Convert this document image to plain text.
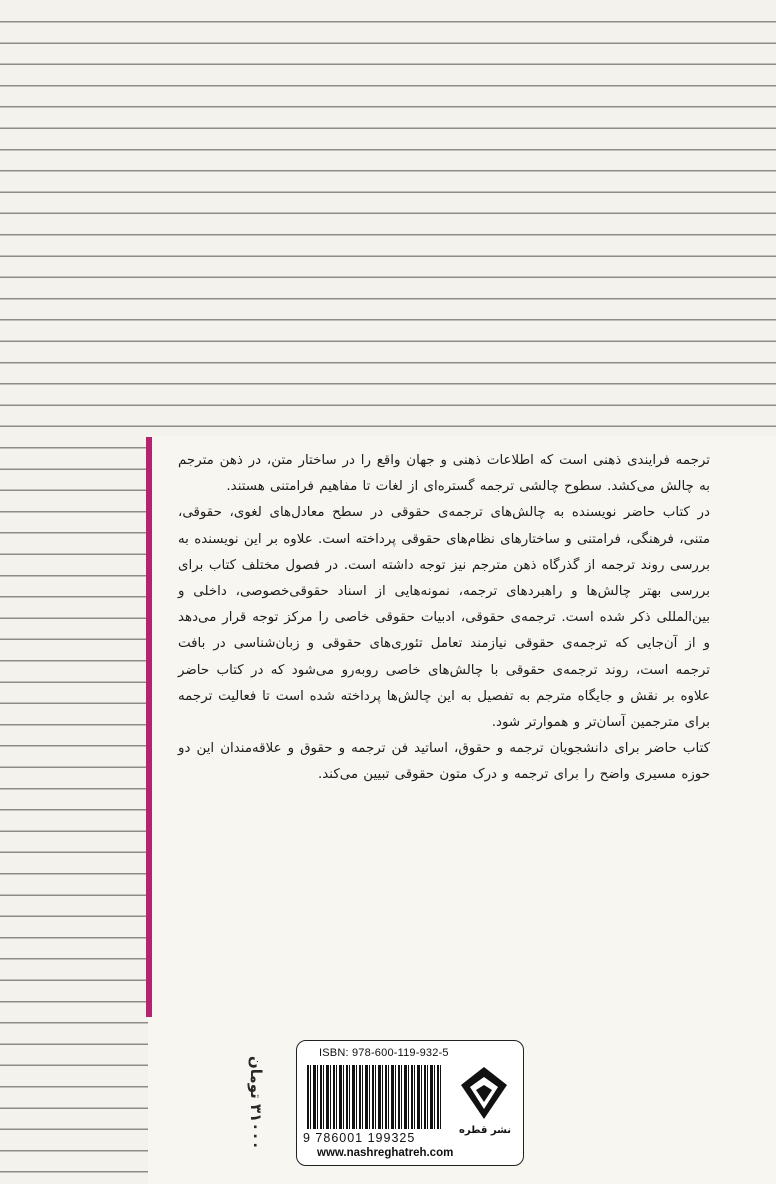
ترجمه فرایندی ذهنی است که اطلاعات ذهنی و جهان واقع را در ساختار متن، در ذهن مترجم به چالش می‌کشد. سطوح چالشی ترجمه گستره‌ای از لغات تا مفاهیم فرامتنی هستند.

در کتاب حاضر نویسنده به چالش‌های ترجمه‌ی حقوقی در سطح معادل‌های لغوی، حقوقی، متنی، فرهنگی، فرامتنی و ساختارهای نظام‌های حقوقی پرداخته است. علاوه بر این نویسنده به بررسی روند ترجمه از گذرگاه ذهن مترجم نیز توجه داشته است. در فصول مختلف کتاب برای بررسی بهتر چالش‌ها و راهبردهای ترجمه، نمونه‌هایی از اسناد حقوقی‌خصوصی، داخلی و بین‌المللی ذکر شده است. ترجمه‌ی حقوقی، ادبیات حقوقی خاصی را مرکز توجه قرار می‌دهد و از آن‌جایی که ترجمه‌ی حقوقی نیازمند تعامل تئوری‌های حقوقی و زبان‌شناسی در بافت ترجمه است، روند ترجمه‌ی حقوقی با چالش‌های خاصی روبه‌رو می‌شود که در کتاب حاضر علاوه بر نقش و جایگاه مترجم به تفصیل به این چالش‌ها پرداخته شده است تا فعالیت ترجمه برای مترجمین آسان‌تر و هموارتر شود.

کتاب حاضر برای دانشجویان ترجمه و حقوق، اساتید فن ترجمه و حقوق و علاقه‌مندان این دو حوزه مسیری واضح را برای ترجمه و درک متون حقوقی تبیین می‌کند.

۳۱۰۰۰ تومان
ISBN: 978-600-119-932-5
9 786001 199325
نشر قطره
www.nashreghatreh.com
